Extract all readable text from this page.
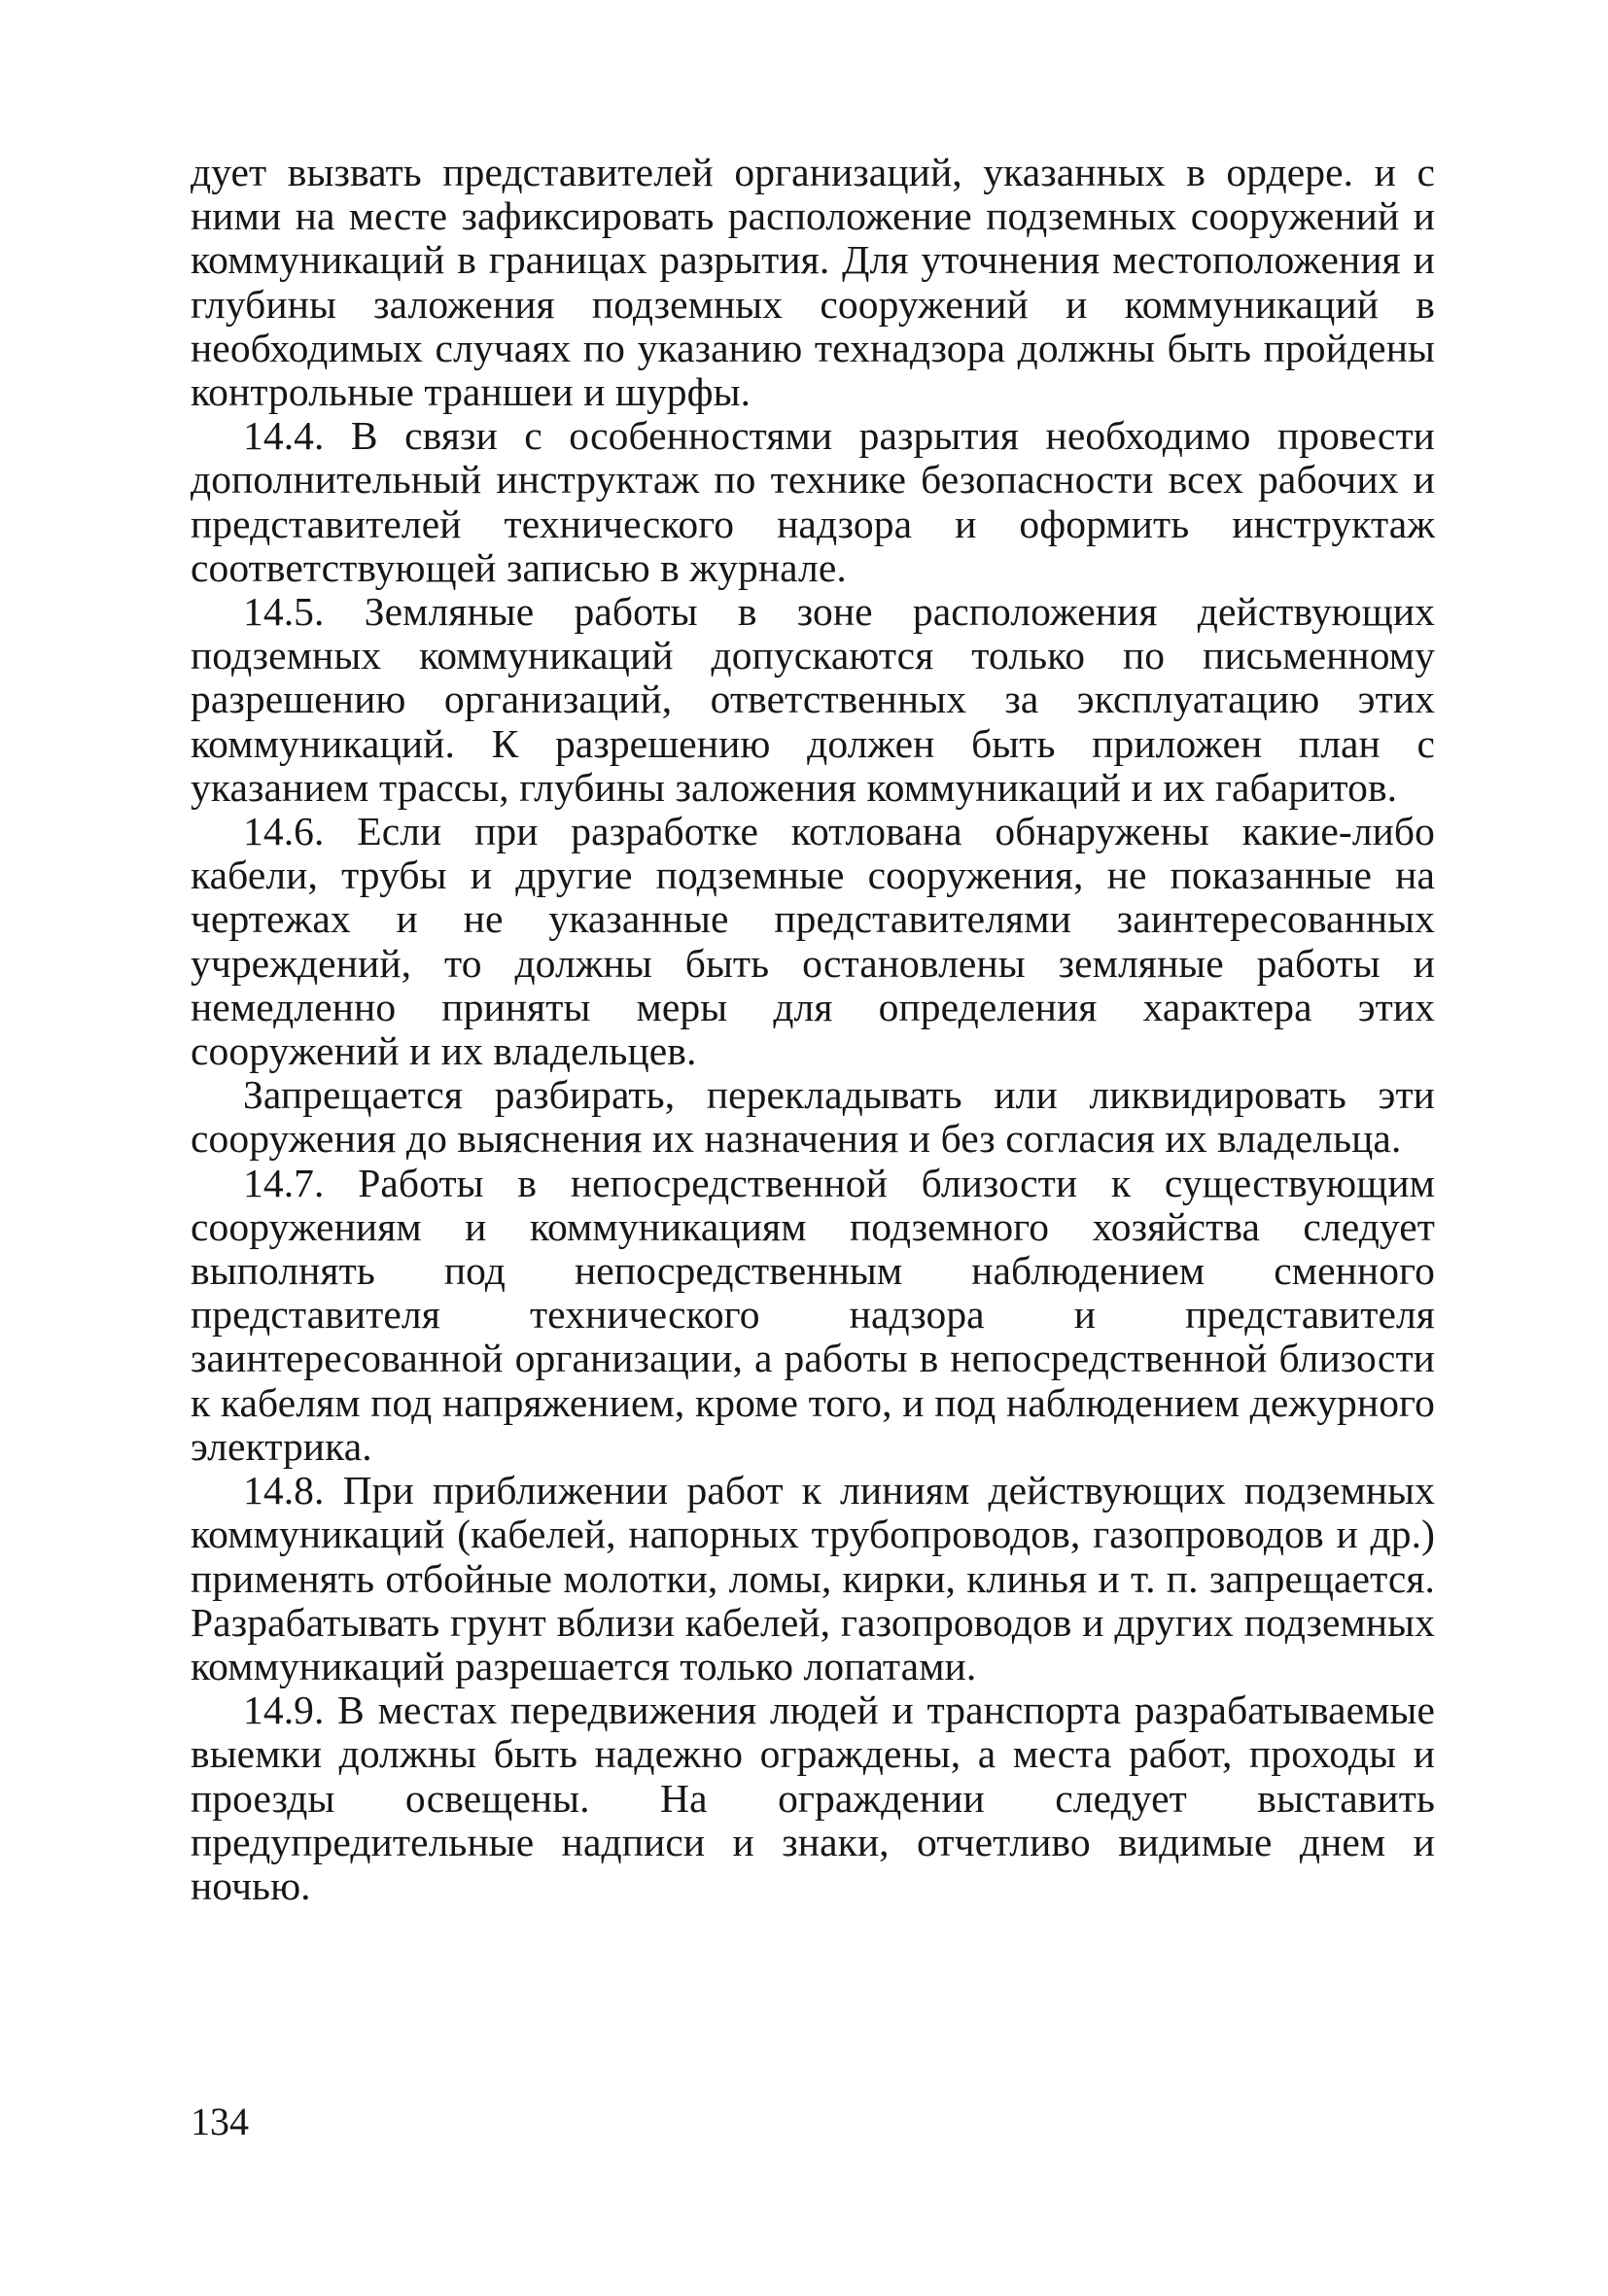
дует вызвать представителей организаций, указанных в ордере. и с ними на месте зафиксировать расположение подземных сооружений и коммуникаций в границах разрытия. Для уточнения местоположения и глубины заложения подземных сооружений и коммуникаций в необходимых случаях по указанию технадзора должны быть пройдены контрольные траншеи и шурфы.

14.4. В связи с особенностями разрытия необходимо провести дополнительный инструктаж по технике безопасности всех рабочих и представителей технического надзора и оформить инструктаж соответствующей записью в журнале.

14.5. Земляные работы в зоне расположения действующих подземных коммуникаций допускаются только по письменному разрешению организаций, ответственных за эксплуатацию этих коммуникаций. К разрешению должен быть приложен план с указанием трассы, глубины заложения коммуникаций и их габаритов.

14.6. Если при разработке котлована обнаружены какие-либо кабели, трубы и другие подземные сооружения, не показанные на чертежах и не указанные представителями заинтересованных учреждений, то должны быть остановлены земляные работы и немедленно приняты меры для определения характера этих сооружений и их владельцев.

Запрещается разбирать, перекладывать или ликвидировать эти сооружения до выяснения их назначения и без согласия их владельца.

14.7. Работы в непосредственной близости к существующим сооружениям и коммуникациям подземного хозяйства следует выполнять под непосредственным наблюдением сменного представителя технического надзора и представителя заинтересованной организации, а работы в непосредственной близости к кабелям под напряжением, кроме того, и под наблюдением дежурного электрика.

14.8. При приближении работ к линиям действующих подземных коммуникаций (кабелей, напорных трубопроводов, газопроводов и др.) применять отбойные молотки, ломы, кирки, клинья и т. п. запрещается. Разрабатывать грунт вблизи кабелей, газопроводов и других подземных коммуникаций разрешается только лопатами.

14.9. В местах передвижения людей и транспорта разрабатываемые выемки должны быть надежно ограждены, а места работ, проходы и проезды освещены. На ограждении следует выставить предупредительные надписи и знаки, отчетливо видимые днем и ночью.

134
